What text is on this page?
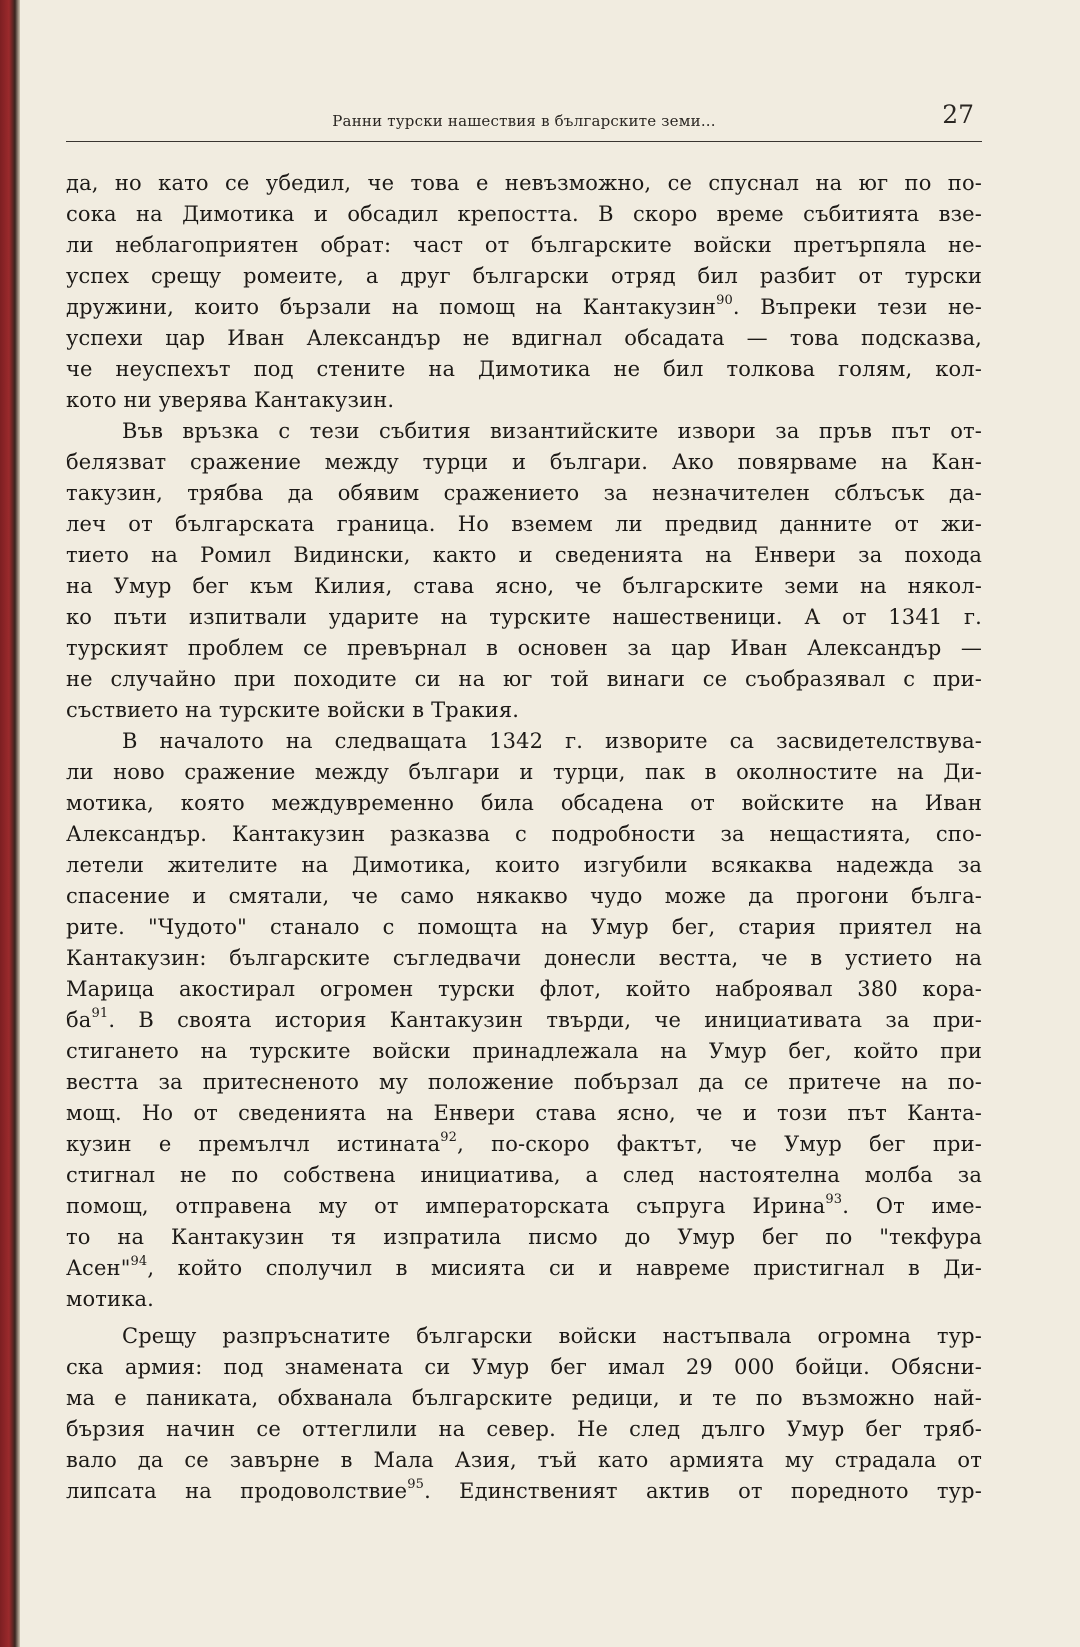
Ранни турски нашествия в българските земи...	27
да, но като се убедил, че това е невъзможно, се спуснал на юг по по-
сока на Димотика и обсадил крепостта. В скоро време събитията взе-
ли неблагоприятен обрат: част от българските войски претърпяла не-
успех срещу ромеите, а друг български отряд бил разбит от турски
дружини, които бързали на помощ на Кантакузин$^{90}$. Въпреки тези не-
успехи цар Иван Александър не вдигнал обсадата — това подсказва,
че неуспехът под стените на Димотика не бил толкова голям, кол-
кото ни уверява Кантакузин.
Във връзка с тези събития византийските извори за пръв път от-
белязват сражение между турци и българи. Ако повярваме на Кан-
такузин, трябва да обявим сражението за незначителен сблъсък да-
леч от българската граница. Но вземем ли предвид данните от жи-
тието на Ромил Видински, както и сведенията на Енвери за похода
на Умур бег към Килия, става ясно, че българските земи на някол-
ко пъти изпитвали ударите на турските нашественици. А от 1341 г.
турският проблем се превърнал в основен за цар Иван Александър —
не случайно при походите си на юг той винаги се съобразявал с при-
съствието на турските войски в Тракия.
В началото на следващата 1342 г. изворите са засвидетелствува-
ли ново сражение между българи и турци, пак в околностите на Ди-
мотика, която междувременно била обсадена от войските на Иван
Александър. Кантакузин разказва с подробности за нещастията, спо-
летели жителите на Димотика, които изгубили всякаква надежда за
спасение и смятали, че само някакво чудо може да прогони бълга-
рите. "Чудото" станало с помощта на Умур бег, стария приятел на
Кантакузин: българските съгледвачи донесли вестта, че в устието на
Марица акостирал огромен турски флот, който наброявал 380 кора-
$ба^{91}$. В своята история Кантакузин твърди, че инициативата за при-
стигането на турските войски принадлежала на Умур бег, който при
вестта за притесненото му положение побързал да се притече на по-
мощ. Но от сведенията на Енвери става ясно, че и този път Канта-
кузин е премълчл истината$^{92}$, по-скоро фактът, че Умур бег при-
стигнал не по собствена инициатива, а след настоятелна молба за
помощ, отправена му от императорската съпруга Ирина$^{93}$. От име-
то на Кантакузин тя изпратила писмо до Умур бег по "текфура
Асен"$^{94}$, който сполучил в мисията си и навреме пристигнал в Ди-
мотика.
Срещу разпръснатите български войски настъпвала огромна тур-
ска армия: под знамената си Умур бег имал 29 000 бойци. Обясни-
ма е паниката, обхванала българските редици, и те по възможно най-
бързия начин се оттеглили на север. Не след дълго Умур бег тряб-
вало да се завърне в Мала Азия, тъй като армията му страдала от
липсата на продоволствие$^{95}$. Единственият актив от поредното тур-
